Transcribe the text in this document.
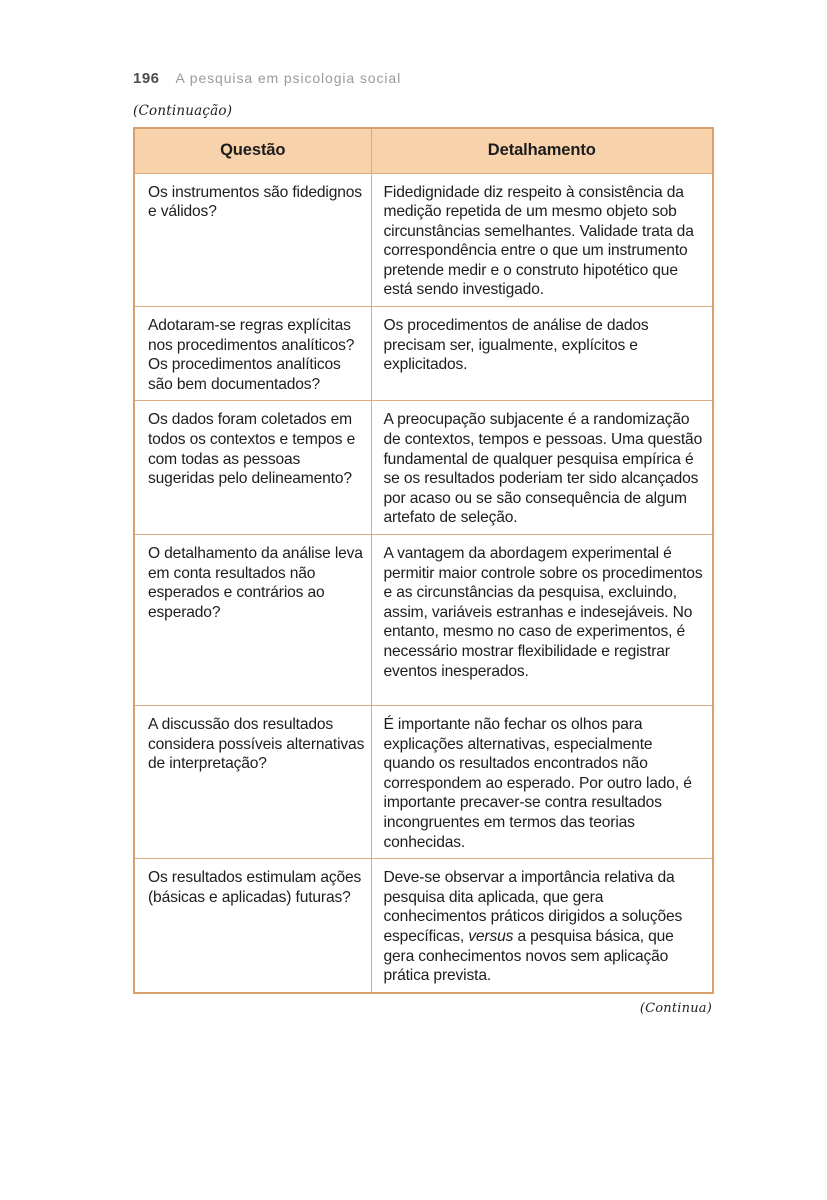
196 A pesquisa em psicologia social
(Continuação)
Questão	Detalhamento
Os instrumentos são fidedignos e válidos?	Fidedignidade diz respeito à consistência da medição repetida de um mesmo objeto sob circunstâncias semelhantes. Validade trata da correspondência entre o que um instrumento pretende medir e o construto hipotético que está sendo investigado.
Adotaram-se regras explícitas nos procedimentos analíticos? Os procedimentos analíticos são bem documentados?	Os procedimentos de análise de dados precisam ser, igualmente, explícitos e explicitados.
Os dados foram coletados em todos os contextos e tempos e com todas as pessoas sugeridas pelo delineamento?	A preocupação subjacente é a randomização de contextos, tempos e pessoas. Uma questão fundamental de qualquer pesquisa empírica é se os resultados poderiam ter sido alcançados por acaso ou se são consequência de algum artefato de seleção.
O detalhamento da análise leva em conta resultados não esperados e contrários ao esperado?	A vantagem da abordagem experimental é permitir maior controle sobre os procedimentos e as circunstâncias da pesquisa, excluindo, assim, variáveis estranhas e indesejáveis. No entanto, mesmo no caso de experimentos, é necessário mostrar flexibilidade e registrar eventos inesperados.
A discussão dos resultados considera possíveis alternativas de interpretação?	É importante não fechar os olhos para explicações alternativas, especialmente quando os resultados encontrados não correspondem ao esperado. Por outro lado, é importante precaver-se contra resultados incongruentes em termos das teorias conhecidas.
Os resultados estimulam ações (básicas e aplicadas) futuras?	Deve-se observar a importância relativa da pesquisa dita aplicada, que gera conhecimentos práticos dirigidos a soluções específicas, versus a pesquisa básica, que gera conhecimentos novos sem aplicação prática prevista.
(Continua)
